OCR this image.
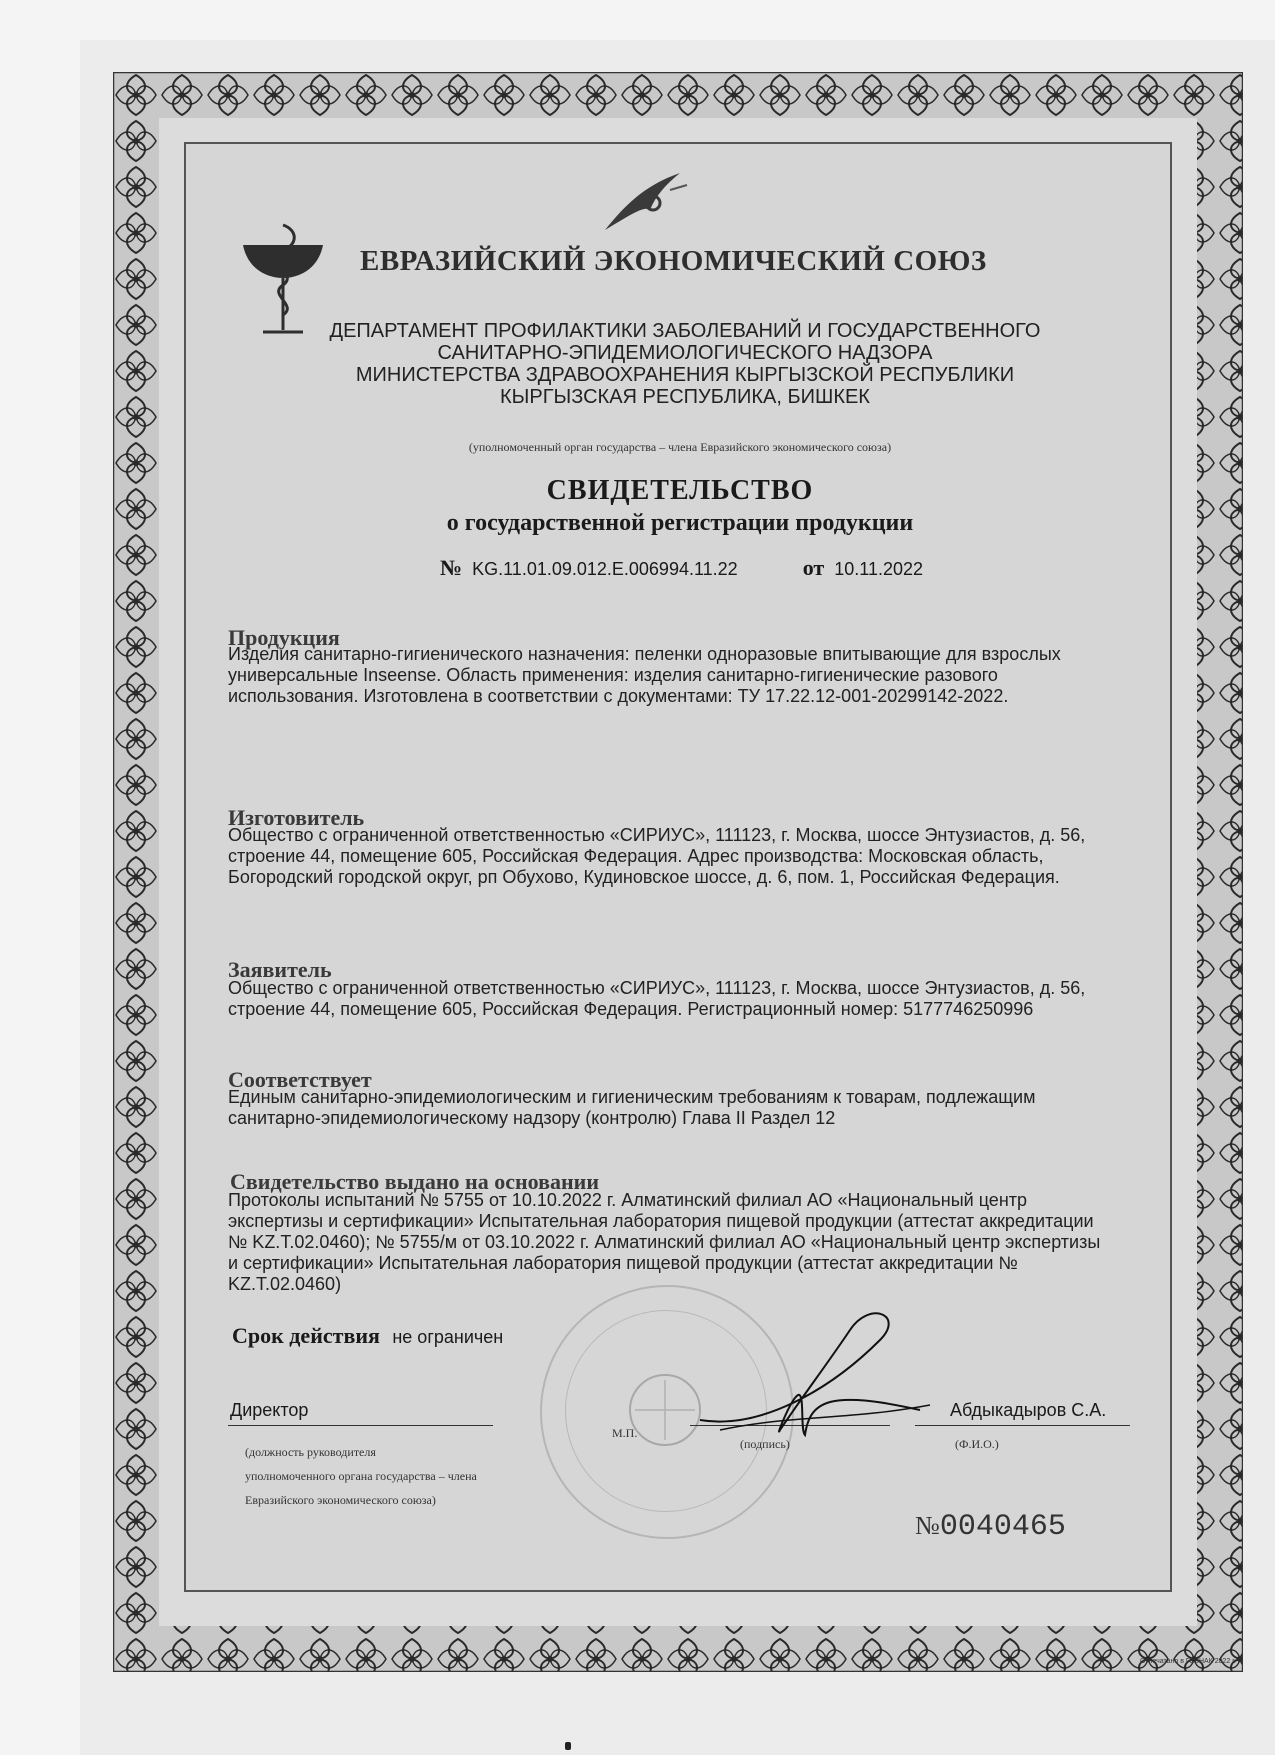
ЕВРАЗИЙСКИЙ ЭКОНОМИЧЕСКИЙ СОЮЗ
ДЕПАРТАМЕНТ ПРОФИЛАКТИКИ ЗАБОЛЕВАНИЙ И ГОСУДАРСТВЕННОГО
САНИТАРНО-ЭПИДЕМИОЛОГИЧЕСКОГО НАДЗОРА
МИНИСТЕРСТВА ЗДРАВООХРАНЕНИЯ КЫРГЫЗСКОЙ РЕСПУБЛИКИ
КЫРГЫЗСКАЯ РЕСПУБЛИКА, БИШКЕК
(уполномоченный орган государства – члена Евразийского экономического союза)
СВИДЕТЕЛЬСТВО
о государственной регистрации продукции
№ KG.11.01.09.012.E.006994.11.22	от 10.11.2022
Продукция
Изделия санитарно-гигиенического назначения: пеленки одноразовые впитывающие для взрослых универсальные Inseense. Область применения: изделия санитарно-гигиенические разового использования. Изготовлена в соответствии с документами: ТУ 17.22.12-001-20299142-2022.
Изготовитель
Общество с ограниченной ответственностью «СИРИУС», 111123, г. Москва, шоссе Энтузиастов, д. 56, строение 44, помещение 605, Российская Федерация. Адрес производства: Московская область, Богородский городской округ, рп Обухово, Кудиновское шоссе, д. 6, пом. 1, Российская Федерация.
Заявитель
Общество с ограниченной ответственностью «СИРИУС», 111123, г. Москва, шоссе Энтузиастов, д. 56, строение 44, помещение 605, Российская Федерация. Регистрационный номер: 5177746250996
Соответствует
Единым санитарно-эпидемиологическим и гигиеническим требованиям к товарам, подлежащим санитарно-эпидемиологическому надзору (контролю) Глава II Раздел 12
Свидетельство выдано на основании
Протоколы испытаний № 5755 от 10.10.2022 г. Алматинский филиал АО «Национальный центр экспертизы и сертификации» Испытательная лаборатория пищевой продукции (аттестат аккредитации № KZ.T.02.0460); № 5755/м от 03.10.2022 г. Алматинский филиал АО «Национальный центр экспертизы и сертификации» Испытательная лаборатория пищевой продукции (аттестат аккредитации № KZ.T.02.0460)
Срок действия не ограничен
Директор
(должность руководителя
уполномоченного органа государства – члена
Евразийского экономического союза)
М.П.
(подпись)
Абдыкадыров С.А.
(Ф.И.О.)
№0040465
Отпечатано в ГОЗНАК 2022 г.
